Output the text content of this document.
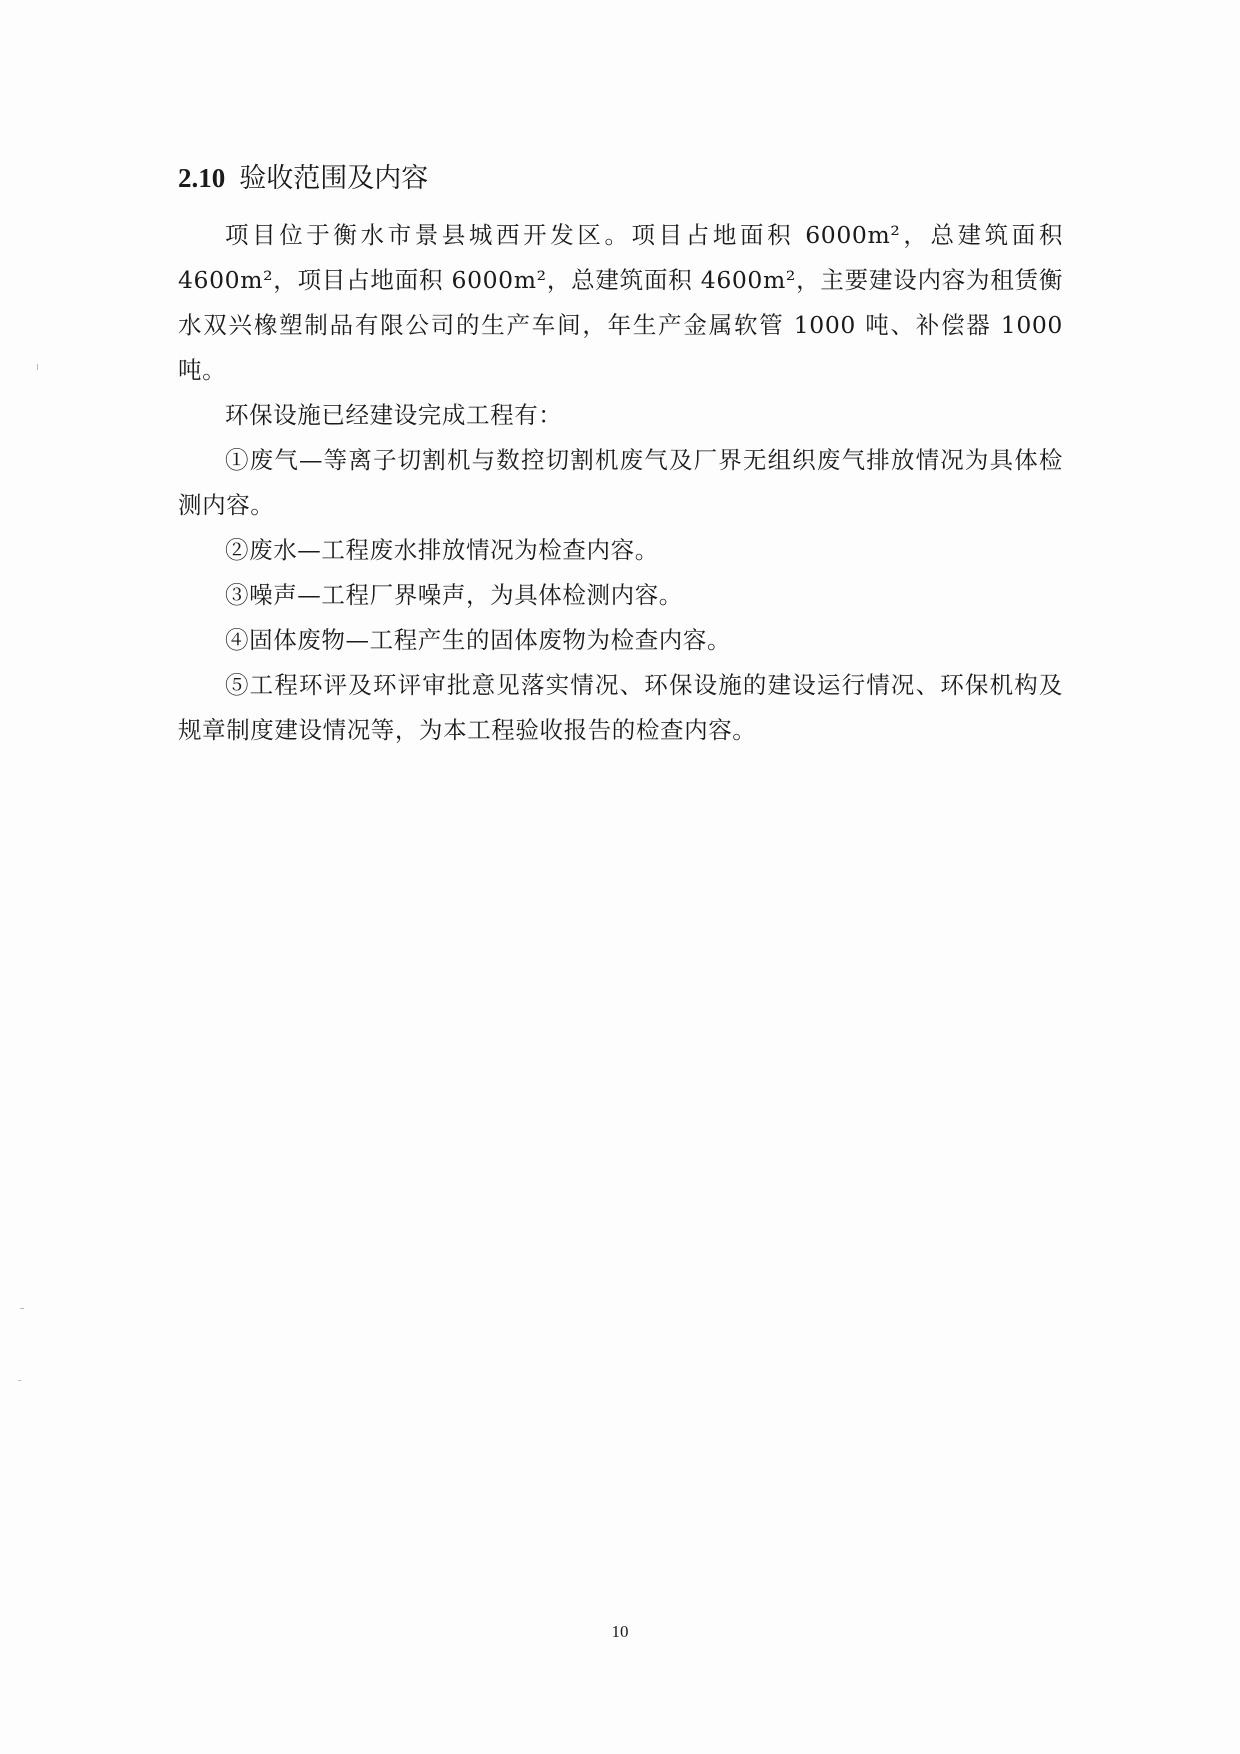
2.10 验收范围及内容

项目位于衡水市景县城西开发区。项目占地面积 6000m²，总建筑面积 4600m²，项目占地面积 6000m²，总建筑面积 4600m²，主要建设内容为租赁衡水双兴橡塑制品有限公司的生产车间，年生产金属软管 1000 吨、补偿器 1000 吨。

环保设施已经建设完成工程有：

①废气—等离子切割机与数控切割机废气及厂界无组织废气排放情况为具体检测内容。

②废水—工程废水排放情况为检查内容。

③噪声—工程厂界噪声，为具体检测内容。

④固体废物—工程产生的固体废物为检查内容。

⑤工程环评及环评审批意见落实情况、环保设施的建设运行情况、环保机构及规章制度建设情况等，为本工程验收报告的检查内容。

10
